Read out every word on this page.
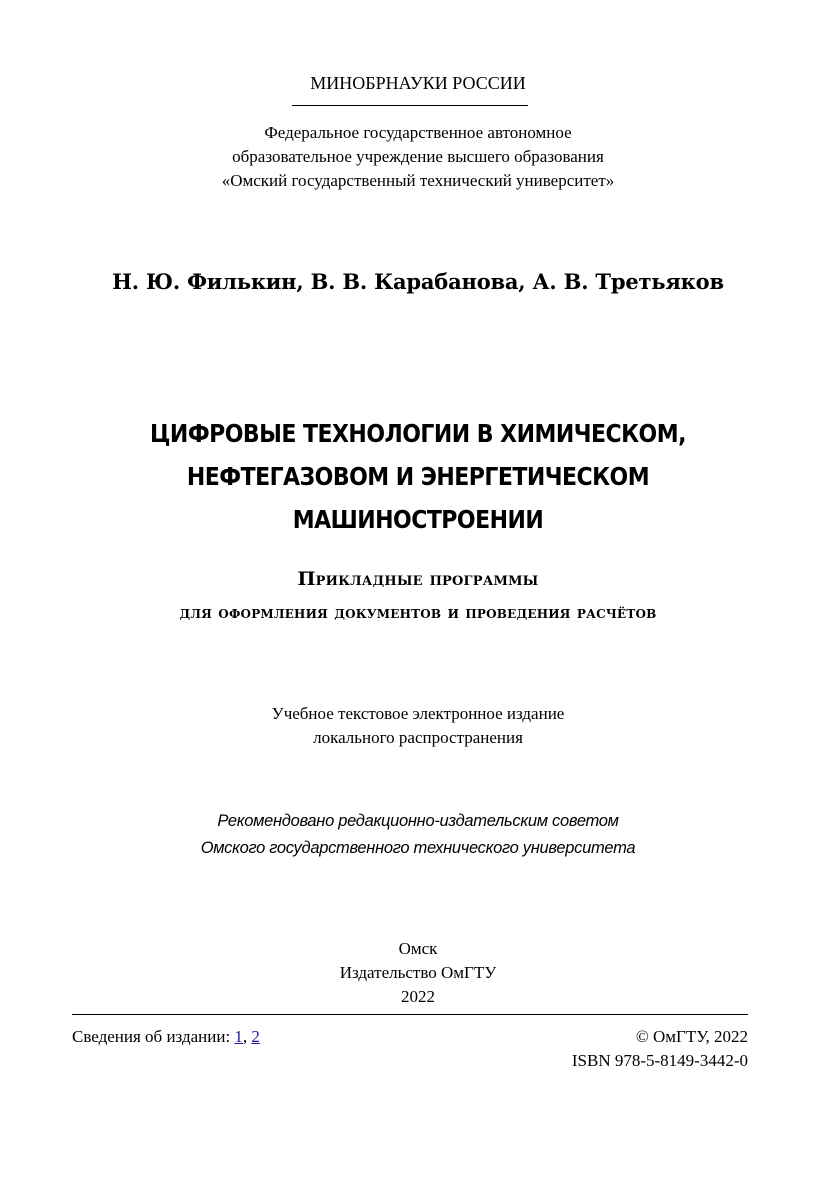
МИНОБРНАУКИ РОССИИ
Федеральное государственное автономное
образовательное учреждение высшего образования
«Омский государственный технический университет»
Н. Ю. Филькин, В. В. Карабанова, А. В. Третьяков
ЦИФРОВЫЕ ТЕХНОЛОГИИ В ХИМИЧЕСКОМ,
НЕФТЕГАЗОВОМ И ЭНЕРГЕТИЧЕСКОМ
МАШИНОСТРОЕНИИ
Прикладные программы
для оформления документов и проведения расчётов
Учебное текстовое электронное издание
локального распространения
Рекомендовано редакционно-издательским советом
Омского государственного технического университета
Омск
Издательство ОмГТУ
2022
Сведения об издании: 1, 2	© ОмГТУ, 2022
ISBN 978-5-8149-3442-0
